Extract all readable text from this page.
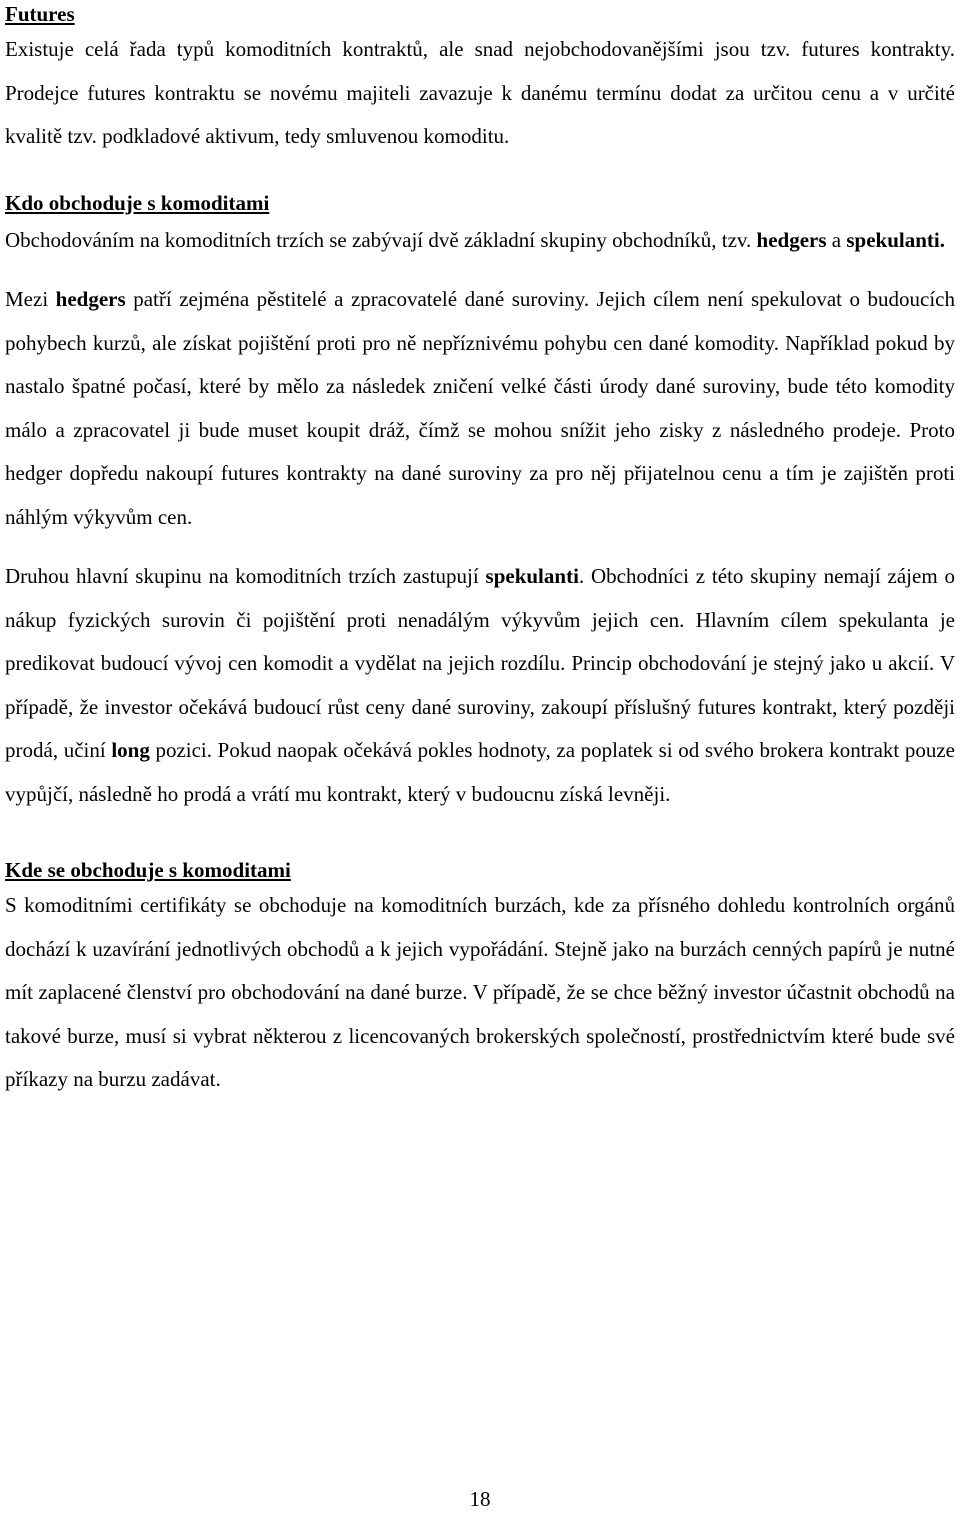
Futures

Existuje celá řada typů komoditních kontraktů, ale snad nejobchodovanějšími jsou tzv. futures kontrakty. Prodejce futures kontraktu se novému majiteli zavazuje k danému termínu dodat za určitou cenu a v určité kvalitě tzv. podkladové aktivum, tedy smluvenou komoditu.

Kdo obchoduje s komoditami

Obchodováním na komoditních trzích se zabývají dvě základní skupiny obchodníků, tzv. hedgers a spekulanti.

Mezi hedgers patří zejména pěstitelé a zpracovatelé dané suroviny. Jejich cílem není spekulovat o budoucích pohybech kurzů, ale získat pojištění proti pro ně nepříznivému pohybu cen dané komodity. Například pokud by nastalo špatné počasí, které by mělo za následek zničení velké části úrody dané suroviny, bude této komodity málo a zpracovatel ji bude muset koupit dráž, čímž se mohou snížit jeho zisky z následného prodeje. Proto hedger dopředu nakoupí futures kontrakty na dané suroviny za pro něj přijatelnou cenu a tím je zajištěn proti náhlým výkyvům cen.

Druhou hlavní skupinu na komoditních trzích zastupují spekulanti. Obchodníci z této skupiny nemají zájem o nákup fyzických surovin či pojištění proti nenadálým výkyvům jejich cen. Hlavním cílem spekulanta je predikovat budoucí vývoj cen komodit a vydělat na jejich rozdílu. Princip obchodování je stejný jako u akcií. V případě, že investor očekává budoucí růst ceny dané suroviny, zakoupí příslušný futures kontrakt, který později prodá, učiní long pozici. Pokud naopak očekává pokles hodnoty, za poplatek si od svého brokera kontrakt pouze vypůjčí, následně ho prodá a vrátí mu kontrakt, který v budoucnu získá levněji.

Kde se obchoduje s komoditami

S komoditními certifikáty se obchoduje na komoditních burzách, kde za přísného dohledu kontrolních orgánů dochází k uzavírání jednotlivých obchodů a k jejich vypořádání. Stejně jako na burzách cenných papírů je nutné mít zaplacené členství pro obchodování na dané burze. V případě, že se chce běžný investor účastnit obchodů na takové burze, musí si vybrat některou z licencovaných brokerských společností, prostřednictvím které bude své příkazy na burzu zadávat.

18
